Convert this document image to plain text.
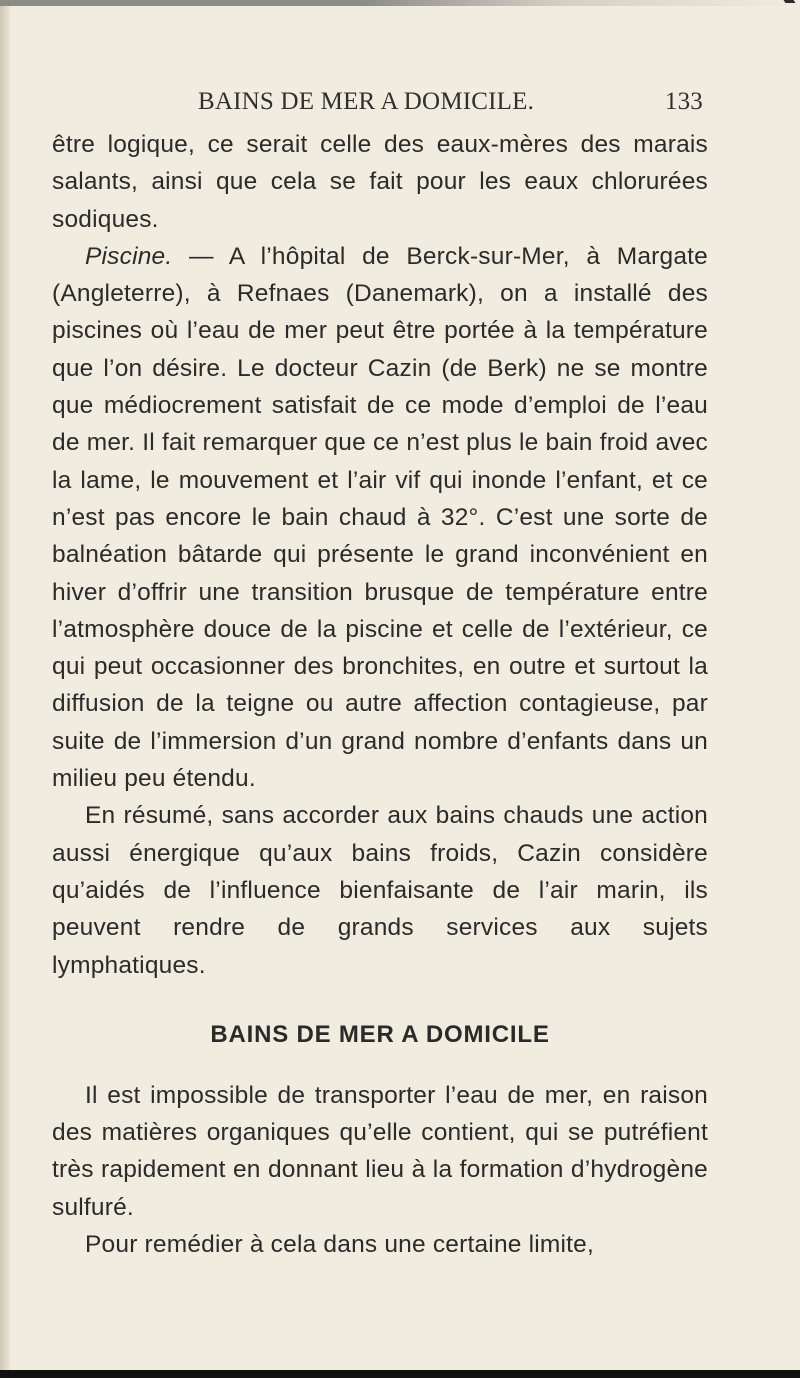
BAINS DE MER A DOMICILE.	133

être logique, ce serait celle des eaux-mères des marais salants, ainsi que cela se fait pour les eaux chlorurées sodiques.

Piscine. — A l’hôpital de Berck-sur-Mer, à Margate (Angleterre), à Refnaes (Danemark), on a installé des piscines où l’eau de mer peut être portée à la température que l’on désire. Le docteur Cazin (de Berk) ne se montre que médiocrement satisfait de ce mode d’emploi de l’eau de mer. Il fait remarquer que ce n’est plus le bain froid avec la lame, le mouvement et l’air vif qui inonde l’enfant, et ce n’est pas encore le bain chaud à 32°. C’est une sorte de balnéation bâtarde qui présente le grand inconvénient en hiver d’offrir une transition brusque de température entre l’atmosphère douce de la piscine et celle de l’extérieur, ce qui peut occasionner des bronchites, en outre et surtout la diffusion de la teigne ou autre affection contagieuse, par suite de l’immersion d’un grand nombre d’enfants dans un milieu peu étendu.

En résumé, sans accorder aux bains chauds une action aussi énergique qu’aux bains froids, Cazin considère qu’aidés de l’influence bienfaisante de l’air marin, ils peuvent rendre de grands services aux sujets lymphatiques.

BAINS DE MER A DOMICILE

Il est impossible de transporter l’eau de mer, en raison des matières organiques qu’elle contient, qui se putréfient très rapidement en donnant lieu à la formation d’hydrogène sulfuré.

Pour remédier à cela dans une certaine limite,
